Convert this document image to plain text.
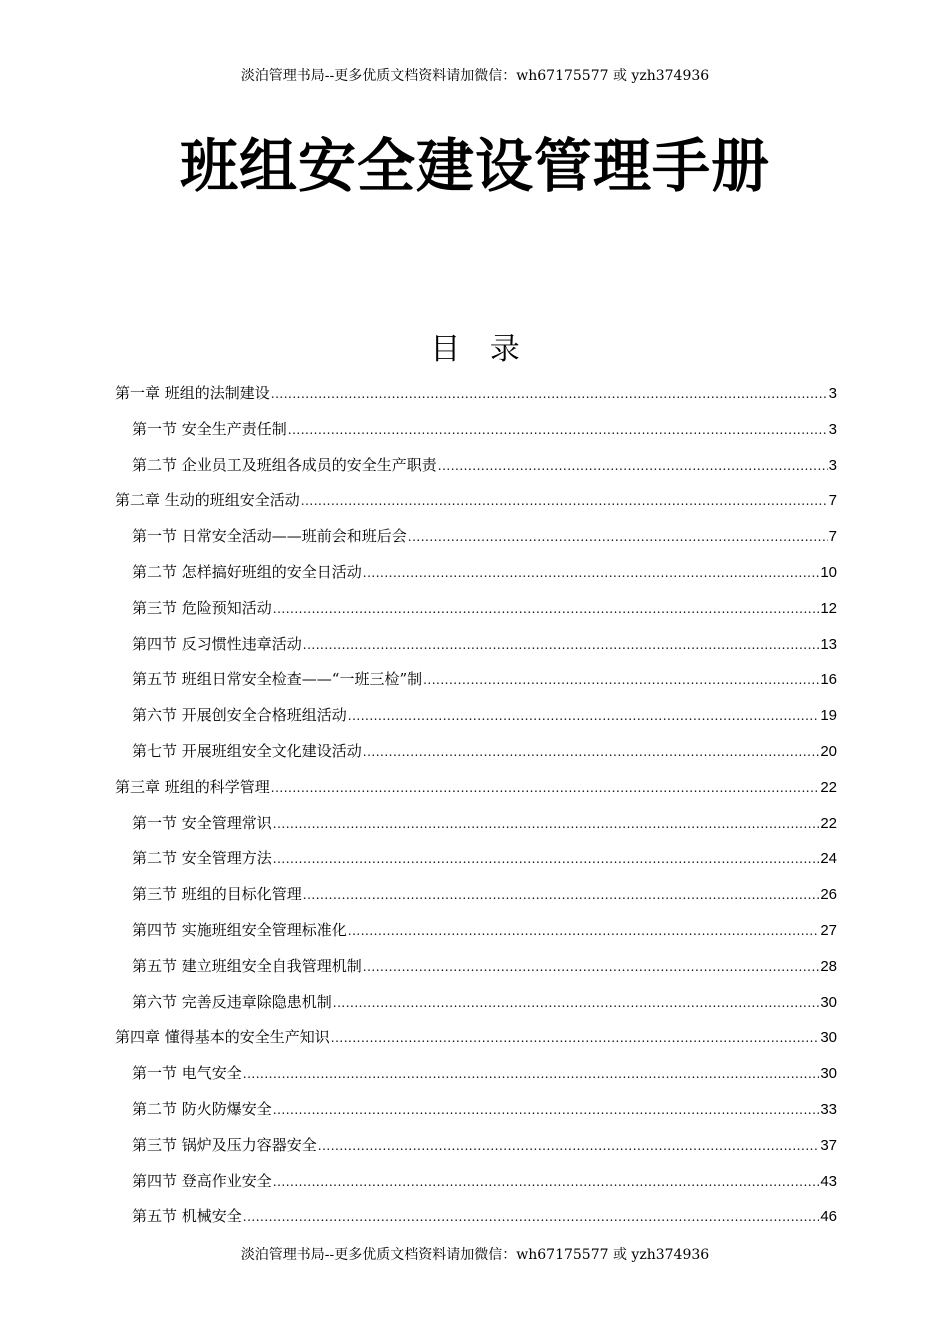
淡泊管理书局--更多优质文档资料请加微信：wh67175577 或 yzh374936
班组安全建设管理手册
目 录
第一章 班组的法制建设 .....	3
第一节 安全生产责任制 .....	3
第二节 企业员工及班组各成员的安全生产职责 .....	3
第二章 生动的班组安全活动 .....	7
第一节 日常安全活动——班前会和班后会 .....	7
第二节 怎样搞好班组的安全日活动 .....	10
第三节 危险预知活动 .....	12
第四节 反习惯性违章活动 .....	13
第五节 班组日常安全检查——“一班三检”制 .....	16
第六节 开展创安全合格班组活动 .....	19
第七节 开展班组安全文化建设活动 .....	20
第三章 班组的科学管理 .....	22
第一节 安全管理常识 .....	22
第二节 安全管理方法 .....	24
第三节 班组的目标化管理 .....	26
第四节 实施班组安全管理标准化 .....	27
第五节 建立班组安全自我管理机制 .....	28
第六节 完善反违章除隐患机制 .....	30
第四章 懂得基本的安全生产知识 .....	30
第一节 电气安全 .....	30
第二节 防火防爆安全 .....	33
第三节 锅炉及压力容器安全 .....	37
第四节 登高作业安全 .....	43
第五节 机械安全 .....	46
淡泊管理书局--更多优质文档资料请加微信：wh67175577 或 yzh374936
